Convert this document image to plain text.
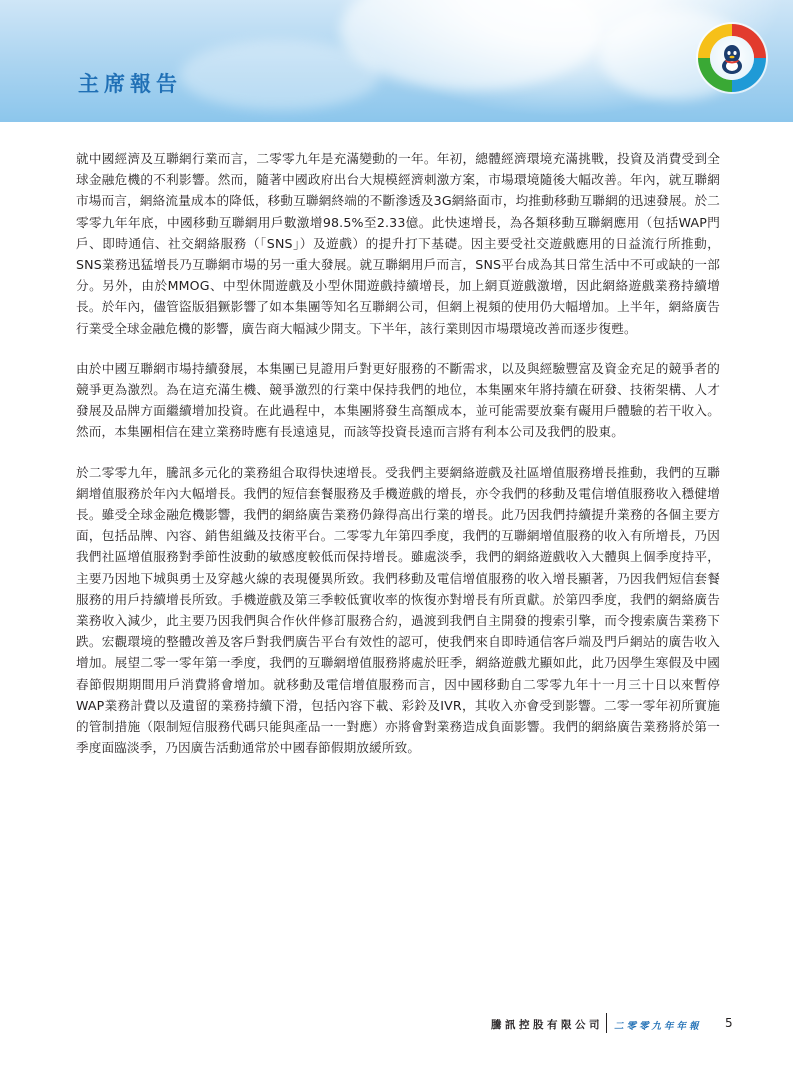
主席報告

就中國經濟及互聯網行業而言，二零零九年是充滿變動的一年。年初，總體經濟環境充滿挑戰，投資及消費受到全球金融危機的不利影響。然而，隨著中國政府出台大規模經濟刺激方案，市場環境隨後大幅改善。年內，就互聯網市場而言，網絡流量成本的降低，移動互聯網終端的不斷滲透及3G網絡面市，均推動移動互聯網的迅速發展。於二零零九年年底，中國移動互聯網用戶數激增98.5%至2.33億。此快速增長，為各類移動互聯網應用（包括WAP門戶、即時通信、社交網絡服務（「SNS」）及遊戲）的提升打下基礎。因主要受社交遊戲應用的日益流行所推動，SNS業務迅猛增長乃互聯網市場的另一重大發展。就互聯網用戶而言，SNS平台成為其日常生活中不可或缺的一部分。另外，由於MMOG、中型休閒遊戲及小型休閒遊戲持續增長，加上網頁遊戲激增，因此網絡遊戲業務持續增長。於年內，儘管盜版猖獗影響了如本集團等知名互聯網公司，但網上視頻的使用仍大幅增加。上半年，網絡廣告行業受全球金融危機的影響，廣告商大幅減少開支。下半年，該行業則因市場環境改善而逐步復甦。

由於中國互聯網市場持續發展，本集團已見證用戶對更好服務的不斷需求，以及與經驗豐富及資金充足的競爭者的競爭更為激烈。為在這充滿生機、競爭激烈的行業中保持我們的地位，本集團來年將持續在研發、技術架構、人才發展及品牌方面繼續增加投資。在此過程中，本集團將發生高額成本，並可能需要放棄有礙用戶體驗的若干收入。然而，本集團相信在建立業務時應有長遠遠見，而該等投資長遠而言將有利本公司及我們的股東。

於二零零九年，騰訊多元化的業務組合取得快速增長。受我們主要網絡遊戲及社區增值服務增長推動，我們的互聯網增值服務於年內大幅增長。我們的短信套餐服務及手機遊戲的增長，亦令我們的移動及電信增值服務收入穩健增長。雖受全球金融危機影響，我們的網絡廣告業務仍錄得高出行業的增長。此乃因我們持續提升業務的各個主要方面，包括品牌、內容、銷售組織及技術平台。二零零九年第四季度，我們的互聯網增值服務的收入有所增長，乃因我們社區增值服務對季節性波動的敏感度較低而保持增長。雖處淡季，我們的網絡遊戲收入大體與上個季度持平，主要乃因地下城與勇士及穿越火線的表現優異所致。我們移動及電信增值服務的收入增長顯著，乃因我們短信套餐服務的用戶持續增長所致。手機遊戲及第三季較低實收率的恢復亦對增長有所貢獻。於第四季度，我們的網絡廣告業務收入減少，此主要乃因我們與合作伙伴修訂服務合約，過渡到我們自主開發的搜索引擎，而令搜索廣告業務下跌。宏觀環境的整體改善及客戶對我們廣告平台有效性的認可，使我們來自即時通信客戶端及門戶網站的廣告收入增加。展望二零一零年第一季度，我們的互聯網增值服務將處於旺季，網絡遊戲尤顯如此，此乃因學生寒假及中國春節假期期間用戶消費將會增加。就移動及電信增值服務而言，因中國移動自二零零九年十一月三十日以來暫停WAP業務計費以及遺留的業務持續下滑，包括內容下載、彩鈴及IVR，其收入亦會受到影響。二零一零年初所實施的管制措施（限制短信服務代碼只能與產品一一對應）亦將會對業務造成負面影響。我們的網絡廣告業務將於第一季度面臨淡季，乃因廣告活動通常於中國春節假期放緩所致。

騰訊控股有限公司 二零零九年年報 5
